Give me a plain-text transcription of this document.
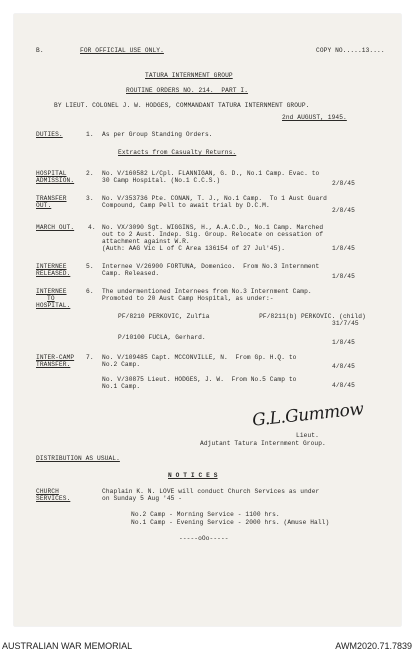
B.	FOR OFFICIAL USE ONLY.	COPY NO.....13....
TATURA INTERNMENT GROUP
ROUTINE ORDERS NO. 214.  PART I.
BY LIEUT. COLONEL J. W. HODGES, COMMANDANT TATURA INTERNMENT GROUP.
2nd AUGUST, 1945.
DUTIES.	1. As per Group Standing Orders.
Extracts from Casualty Returns.
HOSPITAL
ADMISSION.
2. No. V/160582 L/Cpl. FLANNIGAN, G. D., No.1 Camp. Evac. to
30 Camp Hospital. (No.1 C.C.S.)	2/8/45
TRANSFER
OUT.
3. No. V/353736 Pte. CONAN, T. J., No.1 Camp.  To 1 Aust Guard
Compound, Camp Pell to await trial by D.C.M.
2/8/45
MARCH OUT. 4. No. VX/3090 Sgt. WIGGINS, H., A.A.C.D., No.1 Camp. Marched
out to 2 Aust. Indep. Sig. Group. Relocate on cessation of
attachment against W.R.
(Auth: AAG Vic L of C Area 136154 of 27 Jul'45).	1/8/45
INTERNEE
RELEASED.
5. Internee V/26900 FORTUNA, Domenico.  From No.3 Internment
Camp. Released.	1/8/45
INTERNEE
TO
HOSPITAL.
6. The undermentioned Internees from No.3 Internment Camp.
Promoted to 20 Aust Camp Hospital, as under:-
PF/8210 PERKOVIC, Zulfia             PF/8211(b) PERKOVIC. (child)
31/7/45
P/10100 FUCLA, Gerhard.
1/8/45
INTER-CAMP
TRANSFER.
7. No. V/109485 Capt. MCCONVILLE, N.  From Gp. H.Q. to
No.2 Camp.	4/8/45
No. V/30875 Lieut. HODGES, J. W.  From No.5 Camp to
No.1 Camp.	4/8/45
G.L.Gummow
Lieut.
Adjutant Tatura Internment Group.
DISTRIBUTION AS USUAL.
N O T I C E S
CHURCH
SERVICES.
Chaplain K. N. LOVE will conduct Church Services as under
on Sunday 5 Aug '45 -
No.2 Camp - Morning Service - 1100 hrs.
No.1 Camp - Evening Service - 2000 hrs. (Amuse Hall)
-----oOo-----
AUSTRALIAN WAR MEMORIAL	AWM2020.71.7839
